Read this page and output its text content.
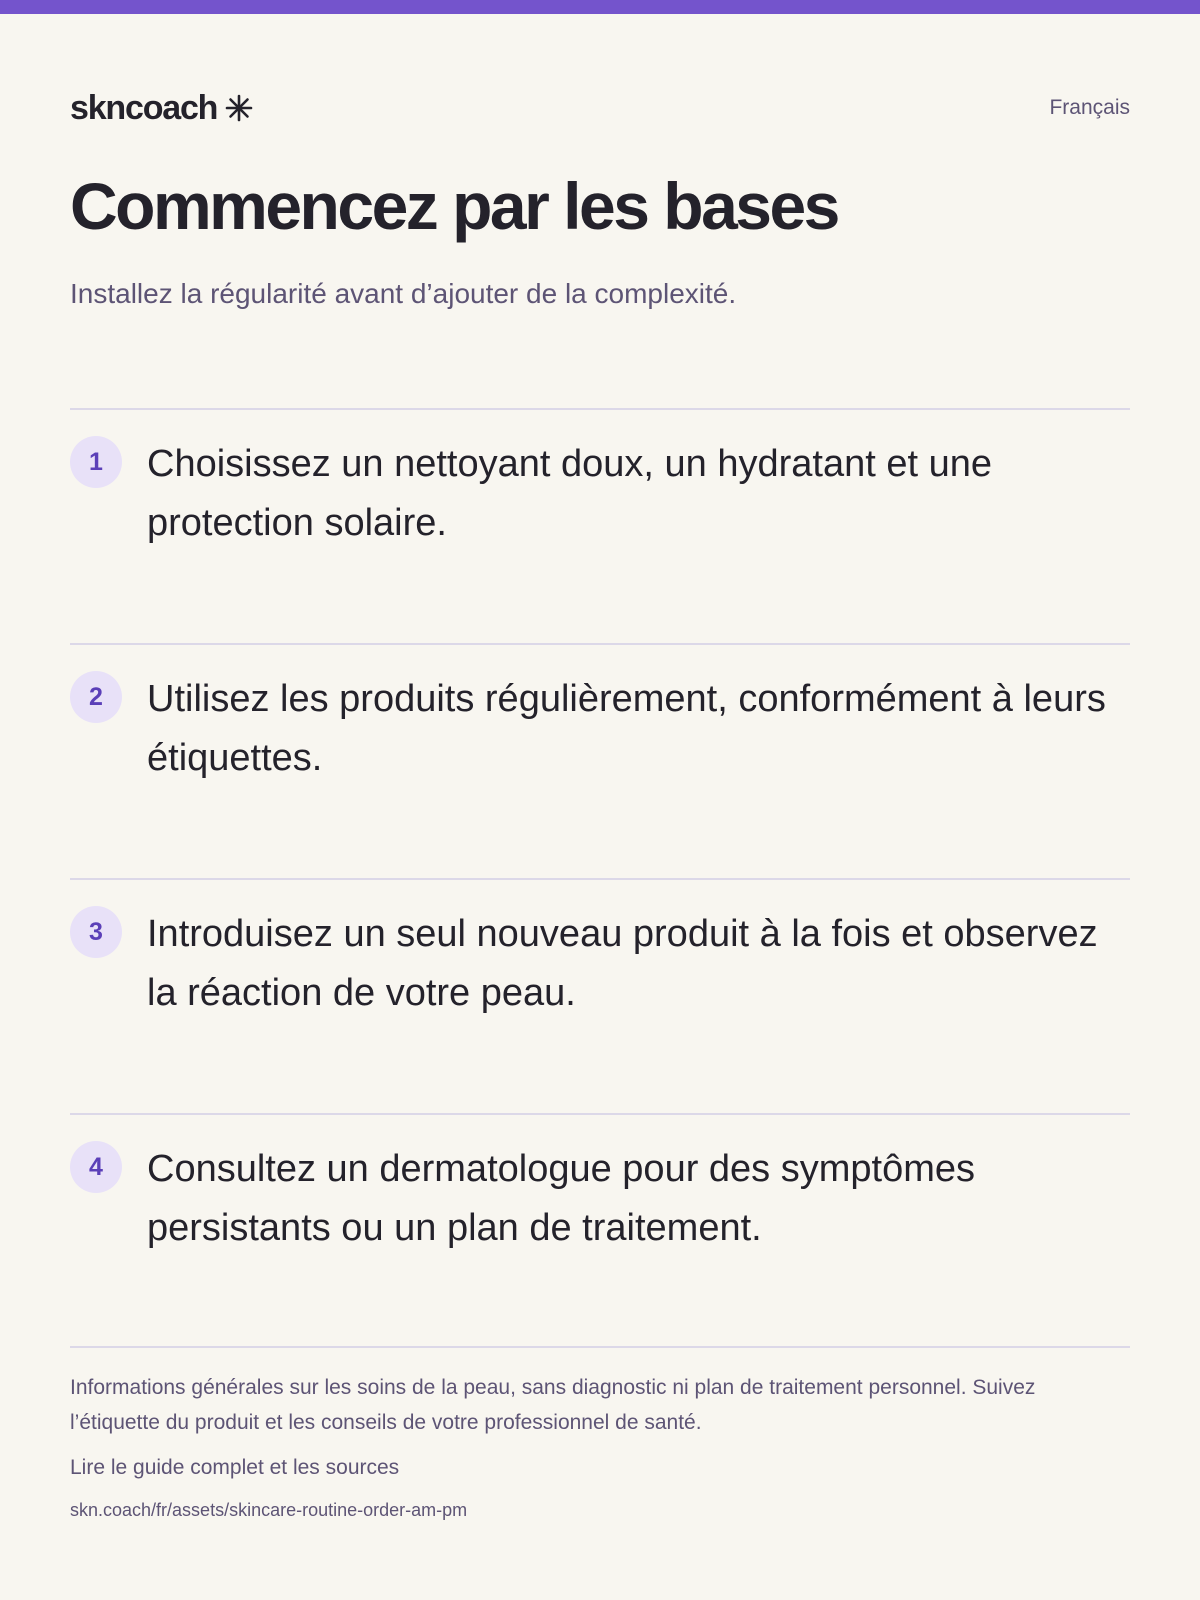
skncoach	Français
Commencez par les bases

Installez la régularité avant d’ajouter de la complexité.

1	Choisissez un nettoyant doux, un hydratant et une protection solaire.

2	Utilisez les produits régulièrement, conformément à leurs étiquettes.

3	Introduisez un seul nouveau produit à la fois et observez la réaction de votre peau.

4	Consultez un dermatologue pour des symptômes persistants ou un plan de traitement.

Informations générales sur les soins de la peau, sans diagnostic ni plan de traitement personnel. Suivez l’étiquette du produit et les conseils de votre professionnel de santé.

Lire le guide complet et les sources

skn.coach/fr/assets/skincare-routine-order-am-pm
